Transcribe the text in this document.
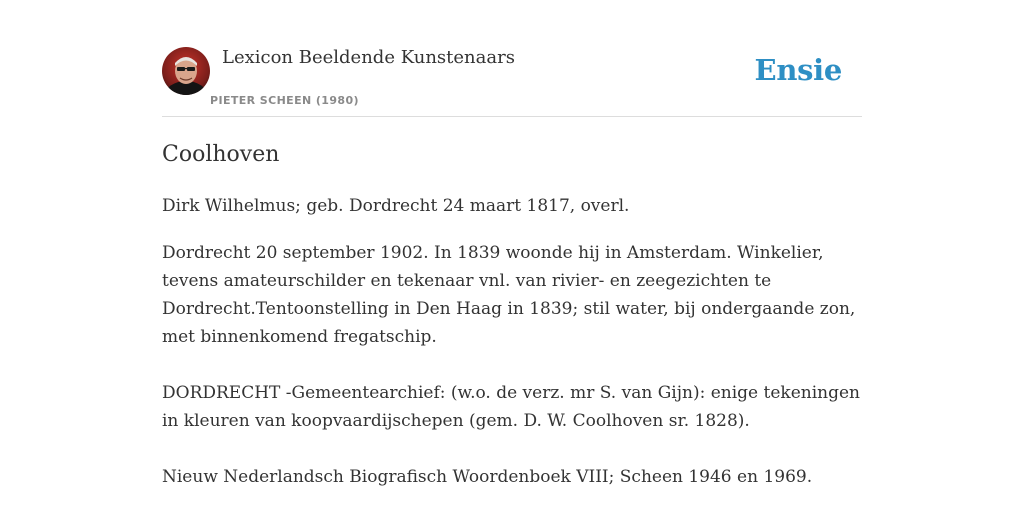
Lexicon Beeldende Kunstenaars
PIETER SCHEEN (1980)
Ensie
Coolhoven

Dirk Wilhelmus; geb. Dordrecht 24 maart 1817, overl.

Dordrecht 20 september 1902. In 1839 woonde hij in Amsterdam. Winkelier, tevens amateurschilder en tekenaar vnl. van rivier- en zeegezichten te Dordrecht.Tentoonstelling in Den Haag in 1839; stil water, bij ondergaande zon, met binnenkomend fregatschip.

DORDRECHT -Gemeentearchief: (w.o. de verz. mr S. van Gijn): enige tekeningen in kleuren van koopvaardijschepen (gem. D. W. Coolhoven sr. 1828).

Nieuw Nederlandsch Biografisch Woordenboek VIII; Scheen 1946 en 1969.
